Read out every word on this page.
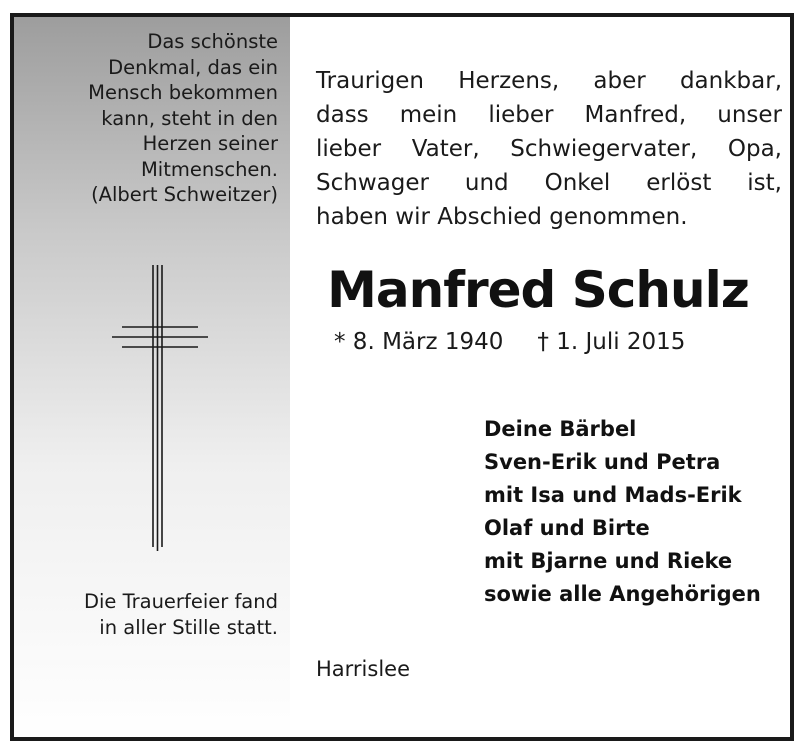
Das schönste
Denkmal, das ein
Mensch bekommen
kann, steht in den
Herzen seiner
Mitmenschen.
(Albert Schweitzer)
Die Trauerfeier fand
in aller Stille statt.
Traurigen Herzens, aber dankbar,
dass mein lieber Manfred, unser
lieber Vater, Schwiegervater, Opa,
Schwager und Onkel erlöst ist,
haben wir Abschied genommen.
Manfred Schulz
* 8. März 1940 † 1. Juli 2015
Deine Bärbel
Sven-Erik und Petra
mit Isa und Mads-Erik
Olaf und Birte
mit Bjarne und Rieke
sowie alle Angehörigen
Harrislee
